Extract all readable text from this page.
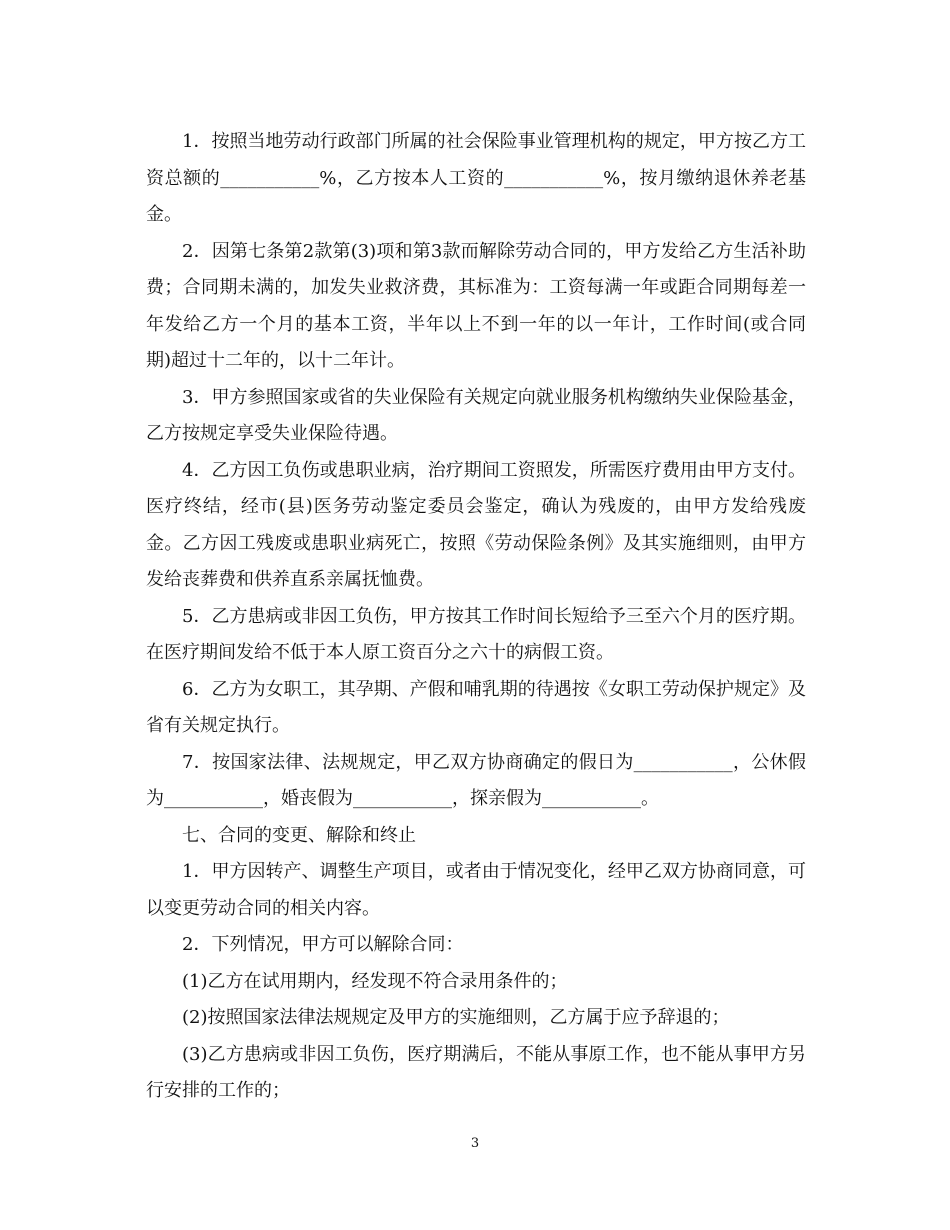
1．按照当地劳动行政部门所属的社会保险事业管理机构的规定，甲方按乙方工资总额的___________%，乙方按本人工资的___________%，按月缴纳退休养老基金。

2．因第七条第2款第(3)项和第3款而解除劳动合同的，甲方发给乙方生活补助费；合同期未满的，加发失业救济费，其标准为：工资每满一年或距合同期每差一年发给乙方一个月的基本工资，半年以上不到一年的以一年计，工作时间(或合同期)超过十二年的，以十二年计。

3．甲方参照国家或省的失业保险有关规定向就业服务机构缴纳失业保险基金，乙方按规定享受失业保险待遇。

4．乙方因工负伤或患职业病，治疗期间工资照发，所需医疗费用由甲方支付。医疗终结，经市(县)医务劳动鉴定委员会鉴定，确认为残废的，由甲方发给残废金。乙方因工残废或患职业病死亡，按照《劳动保险条例》及其实施细则，由甲方发给丧葬费和供养直系亲属抚恤费。

5．乙方患病或非因工负伤，甲方按其工作时间长短给予三至六个月的医疗期。在医疗期间发给不低于本人原工资百分之六十的病假工资。

6．乙方为女职工，其孕期、产假和哺乳期的待遇按《女职工劳动保护规定》及省有关规定执行。

7．按国家法律、法规规定，甲乙双方协商确定的假日为___________，公休假为___________，婚丧假为___________，探亲假为___________。

七、合同的变更、解除和终止

1．甲方因转产、调整生产项目，或者由于情况变化，经甲乙双方协商同意，可以变更劳动合同的相关内容。

2．下列情况，甲方可以解除合同：

(1)乙方在试用期内，经发现不符合录用条件的；

(2)按照国家法律法规规定及甲方的实施细则，乙方属于应予辞退的；

(3)乙方患病或非因工负伤，医疗期满后，不能从事原工作，也不能从事甲方另行安排的工作的；

3
